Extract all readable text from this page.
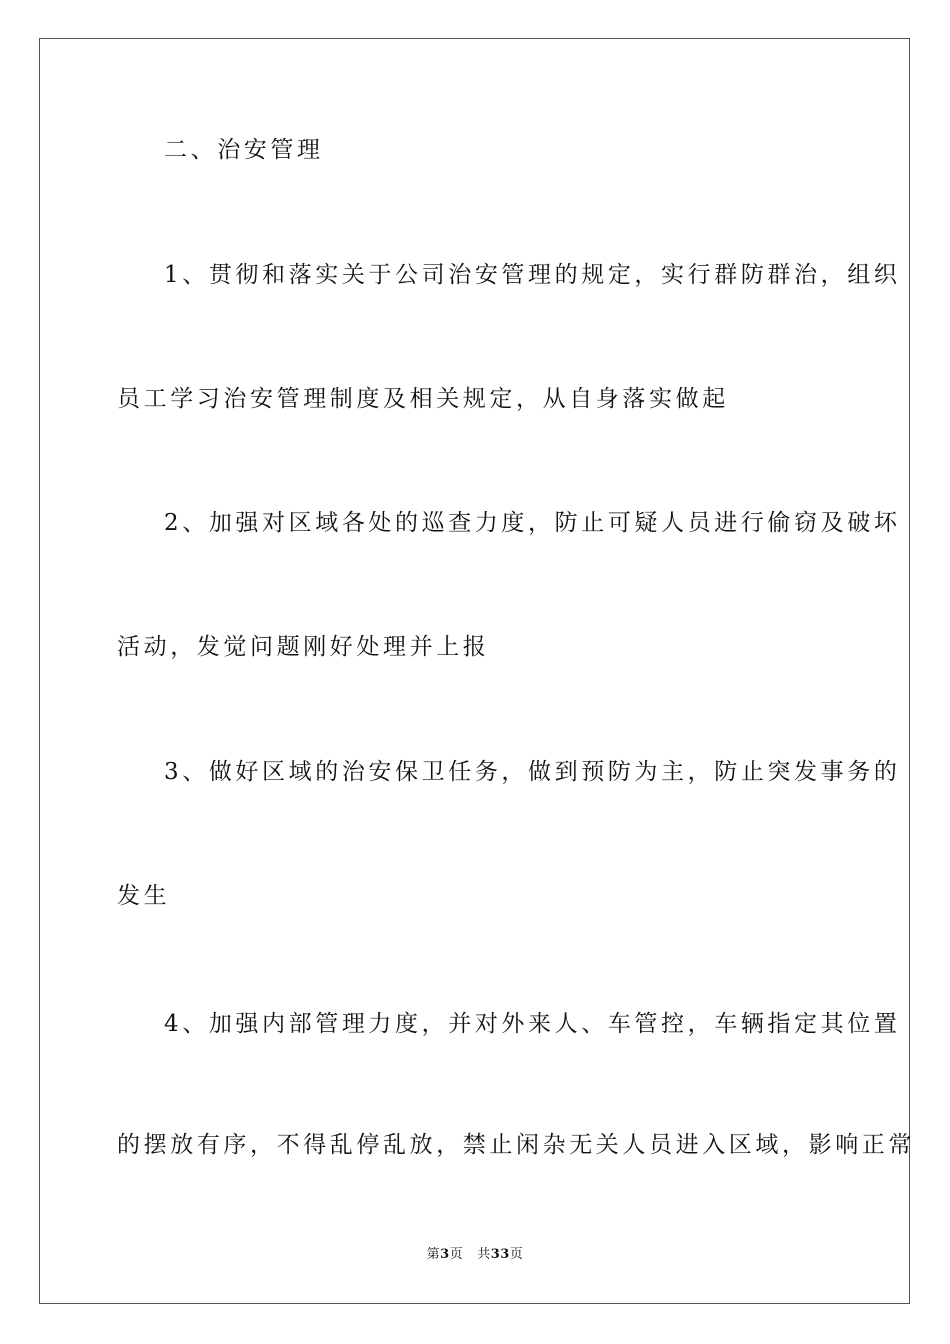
二、治安管理
1、贯彻和落实关于公司治安管理的规定，实行群防群治，组织
员工学习治安管理制度及相关规定，从自身落实做起
2、加强对区域各处的巡查力度，防止可疑人员进行偷窃及破坏
活动，发觉问题刚好处理并上报
3、做好区域的治安保卫任务，做到预防为主，防止突发事务的
发生
4、加强内部管理力度，并对外来人、车管控，车辆指定其位置
的摆放有序，不得乱停乱放，禁止闲杂无关人员进入区域，影响正常
第3页 共33页
